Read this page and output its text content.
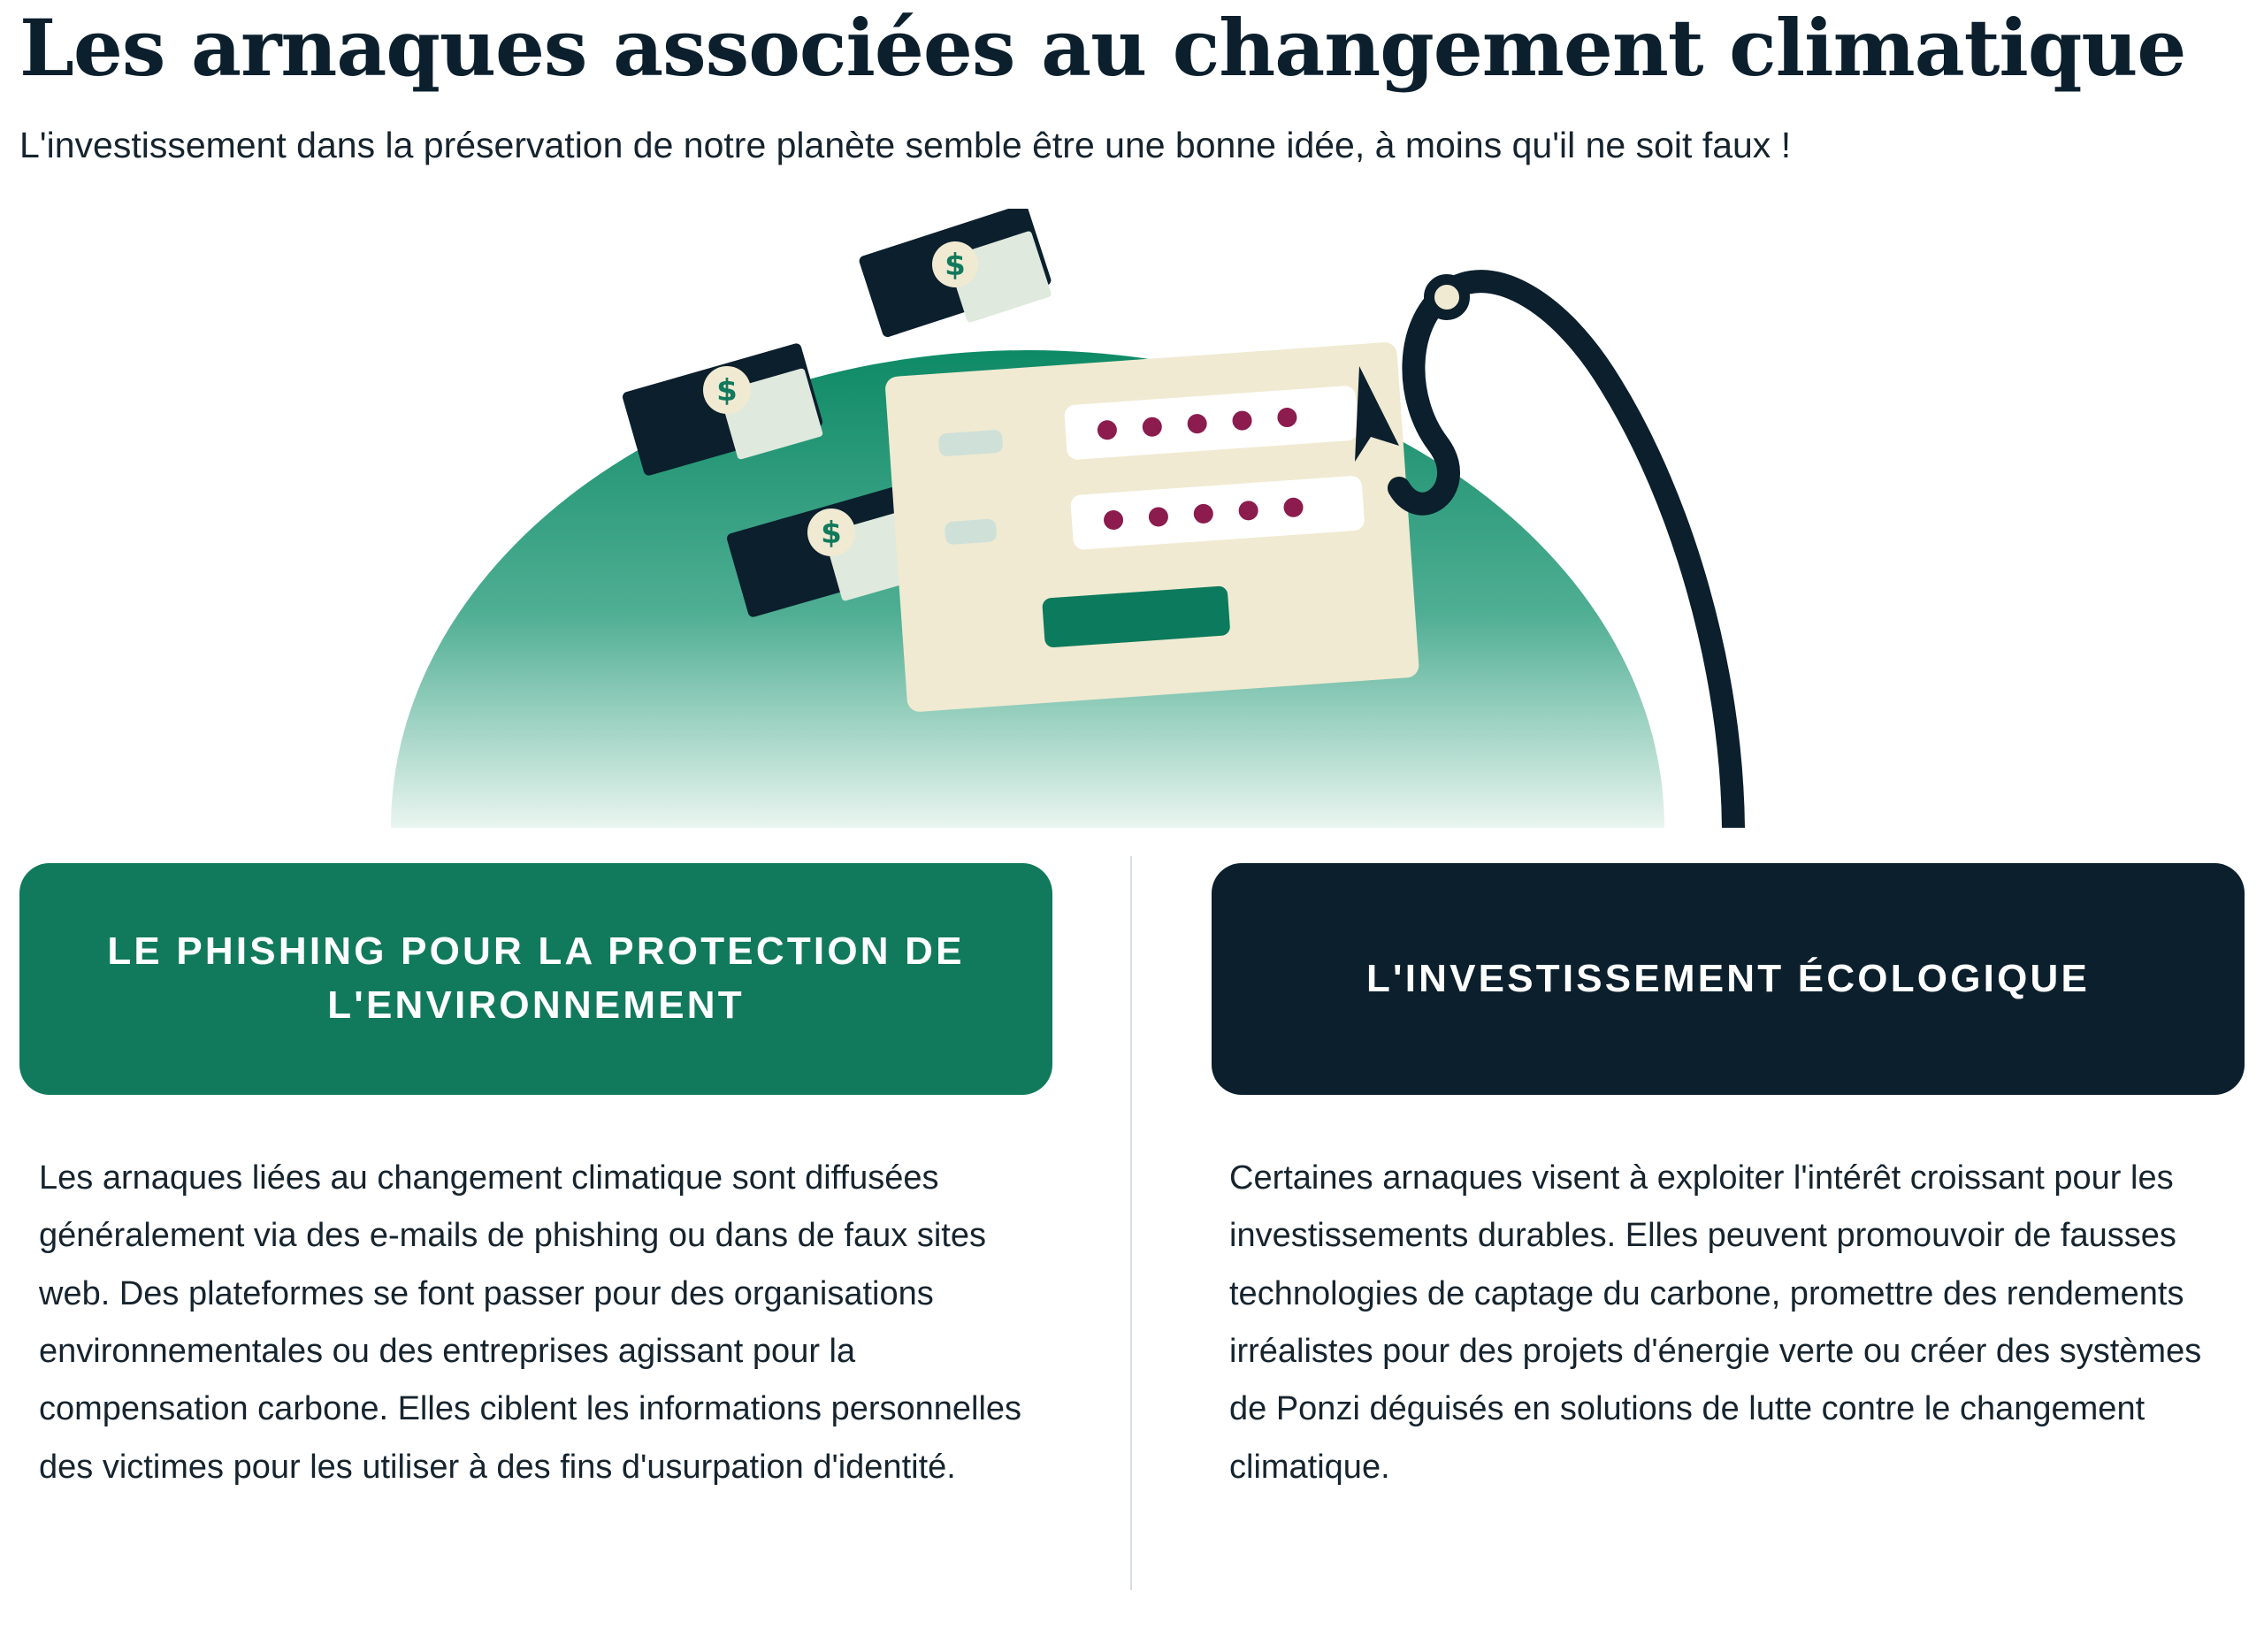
Les arnaques associées au changement climatique

L'investissement dans la préservation de notre planète semble être une bonne idée, à moins qu'il ne soit faux !

$
$
$
LE PHISHING POUR LA PROTECTION DE L'ENVIRONNEMENT

Les arnaques liées au changement climatique sont diffusées généralement via des e-mails de phishing ou dans de faux sites web. Des plateformes se font passer pour des organisations environnementales ou des entreprises agissant pour la compensation carbone. Elles ciblent les informations personnelles des victimes pour les utiliser à des fins d'usurpation d'identité.

L'INVESTISSEMENT ÉCOLOGIQUE

Certaines arnaques visent à exploiter l'intérêt croissant pour les investissements durables. Elles peuvent promouvoir de fausses technologies de captage du carbone, promettre des rendements irréalistes pour des projets d'énergie verte ou créer des systèmes de Ponzi déguisés en solutions de lutte contre le changement climatique.
